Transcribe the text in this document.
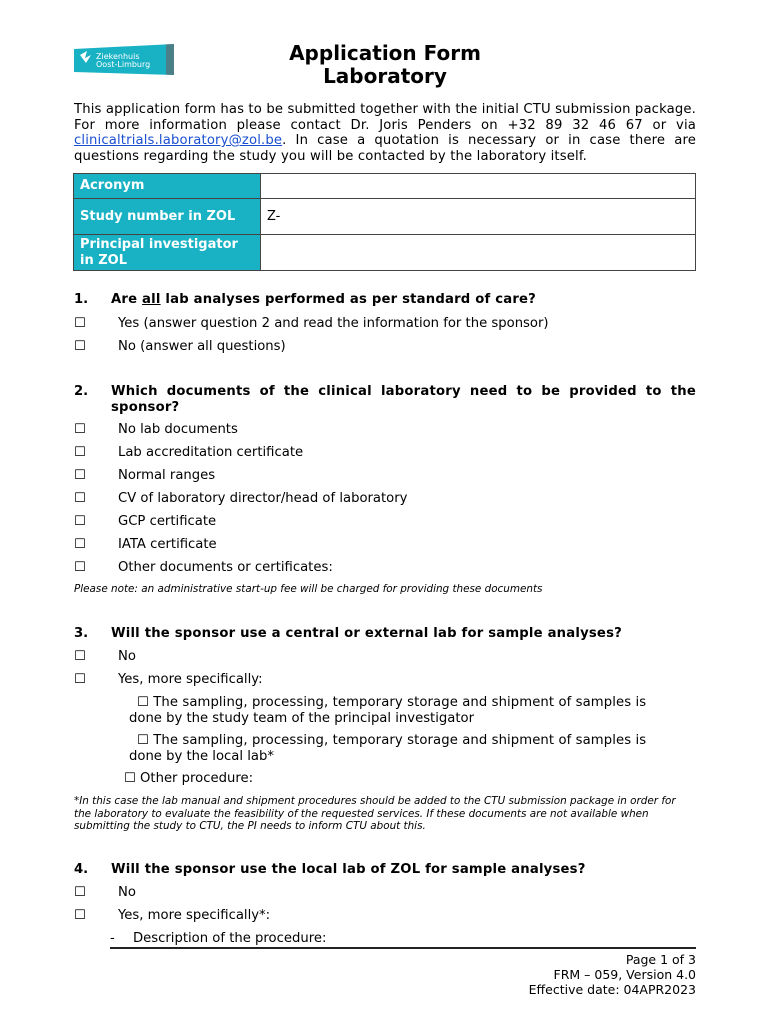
Ziekenhuis
Oost-Limburg	Application Form
Laboratory
This application form has to be submitted together with the initial CTU submission package. For more information please contact Dr. Joris Penders on +32 89 32 46 67 or via clinicaltrials.laboratory@zol.be. In case a quotation is necessary or in case there are questions regarding the study you will be contacted by the laboratory itself.
Acronym	
Study number in ZOL	Z-
Principal investigator in ZOL	
1. Are all lab analyses performed as per standard of care?
☐ Yes (answer question 2 and read the information for the sponsor)
☐ No (answer all questions)
2. Which documents of the clinical laboratory need to be provided to the sponsor?
☐ No lab documents
☐ Lab accreditation certificate
☐ Normal ranges
☐ CV of laboratory director/head of laboratory
☐ GCP certificate
☐ IATA certificate
☐ Other documents or certificates:
Please note: an administrative start-up fee will be charged for providing these documents
3. Will the sponsor use a central or external lab for sample analyses?
☐ No
☐ Yes, more specifically:
☐ The sampling, processing, temporary storage and shipment of samples is
done by the study team of the principal investigator
☐ The sampling, processing, temporary storage and shipment of samples is
done by the local lab*
☐ Other procedure:
*In this case the lab manual and shipment procedures should be added to the CTU submission package in order for the laboratory to evaluate the feasibility of the requested services. If these documents are not available when submitting the study to CTU, the PI needs to inform CTU about this.
4. Will the sponsor use the local lab of ZOL for sample analyses?
☐ No
☐ Yes, more specifically*:
- Description of the procedure:
Page 1 of 3
FRM – 059, Version 4.0
Effective date: 04APR2023
